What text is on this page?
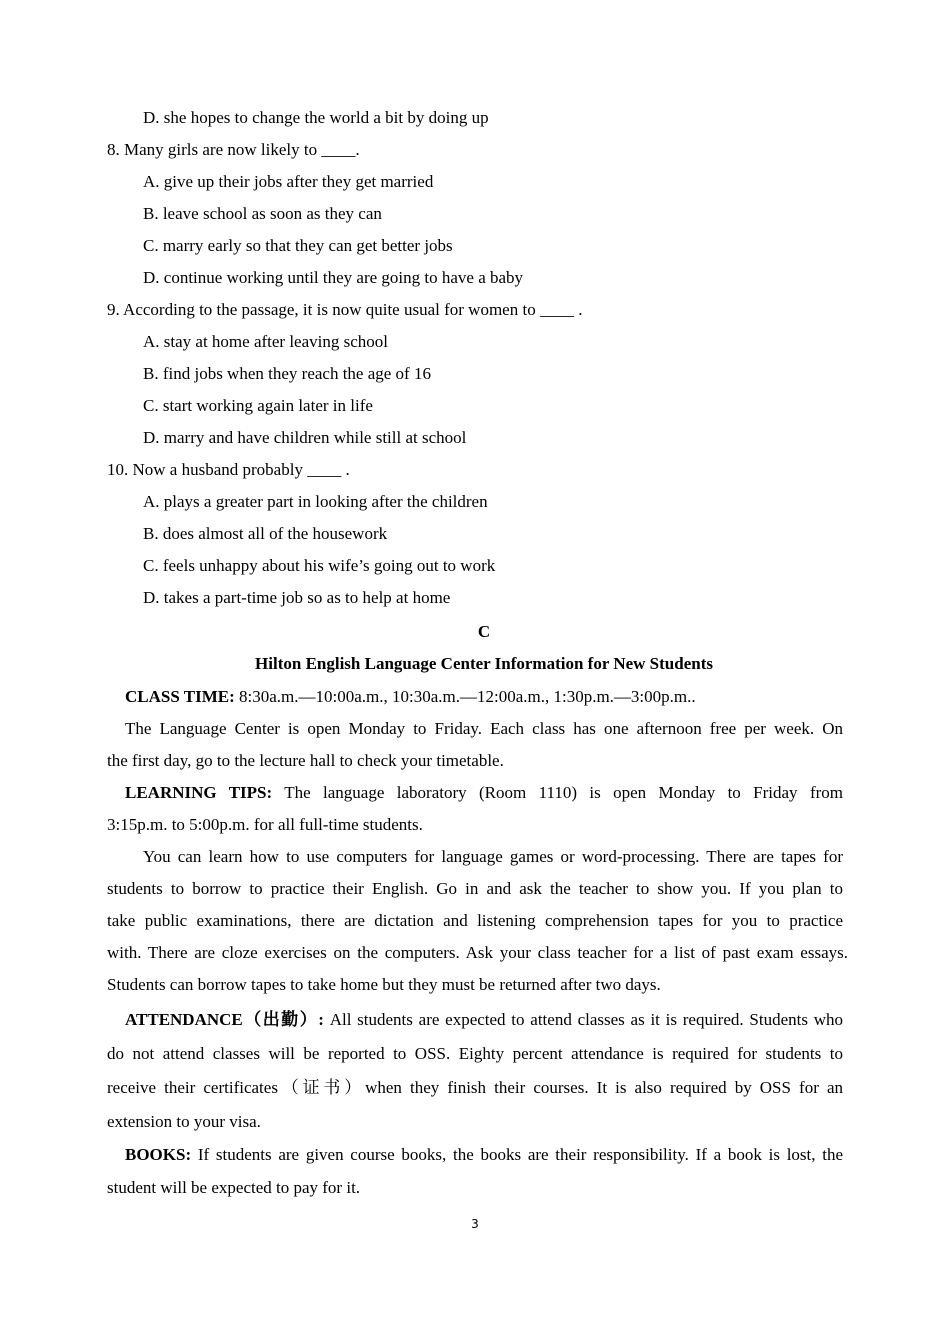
D. she hopes to change the world a bit by doing up
8. Many girls are now likely to ____.
A. give up their jobs after they get married
B. leave school as soon as they can
C. marry early so that they can get better jobs
D. continue working until they are going to have a baby
9. According to the passage, it is now quite usual for women to ____ .
A. stay at home after leaving school
B. find jobs when they reach the age of 16
C. start working again later in life
D. marry and have children while still at school
10. Now a husband probably ____ .
A. plays a greater part in looking after the children
B. does almost all of the housework
C. feels unhappy about his wife’s going out to work
D. takes a part-time job so as to help at home
C
Hilton English Language Center Information for New Students
CLASS TIME: 8:30a.m.—10:00a.m., 10:30a.m.—12:00a.m., 1:30p.m.—3:00p.m..
The Language Center is open Monday to Friday. Each class has one afternoon free per week. On
the first day, go to the lecture hall to check your timetable.
LEARNING TIPS: The language laboratory (Room 1110) is open Monday to Friday from
3:15p.m. to 5:00p.m. for all full-time students.
You can learn how to use computers for language games or word-processing. There are tapes for
students to borrow to practice their English. Go in and ask the teacher to show you. If you plan to
take public examinations, there are dictation and listening comprehension tapes for you to practice
with. There are cloze exercises on the computers. Ask your class teacher for a list of past exam essays.
Students can borrow tapes to take home but they must be returned after two days.
ATTENDANCE（出勤）: All students are expected to attend classes as it is required. Students who
do not attend classes will be reported to OSS. Eighty percent attendance is required for students to
receive their certificates（证书）when they finish their courses. It is also required by OSS for an
extension to your visa.
BOOKS: If students are given course books, the books are their responsibility. If a book is lost, the
student will be expected to pay for it.
3
